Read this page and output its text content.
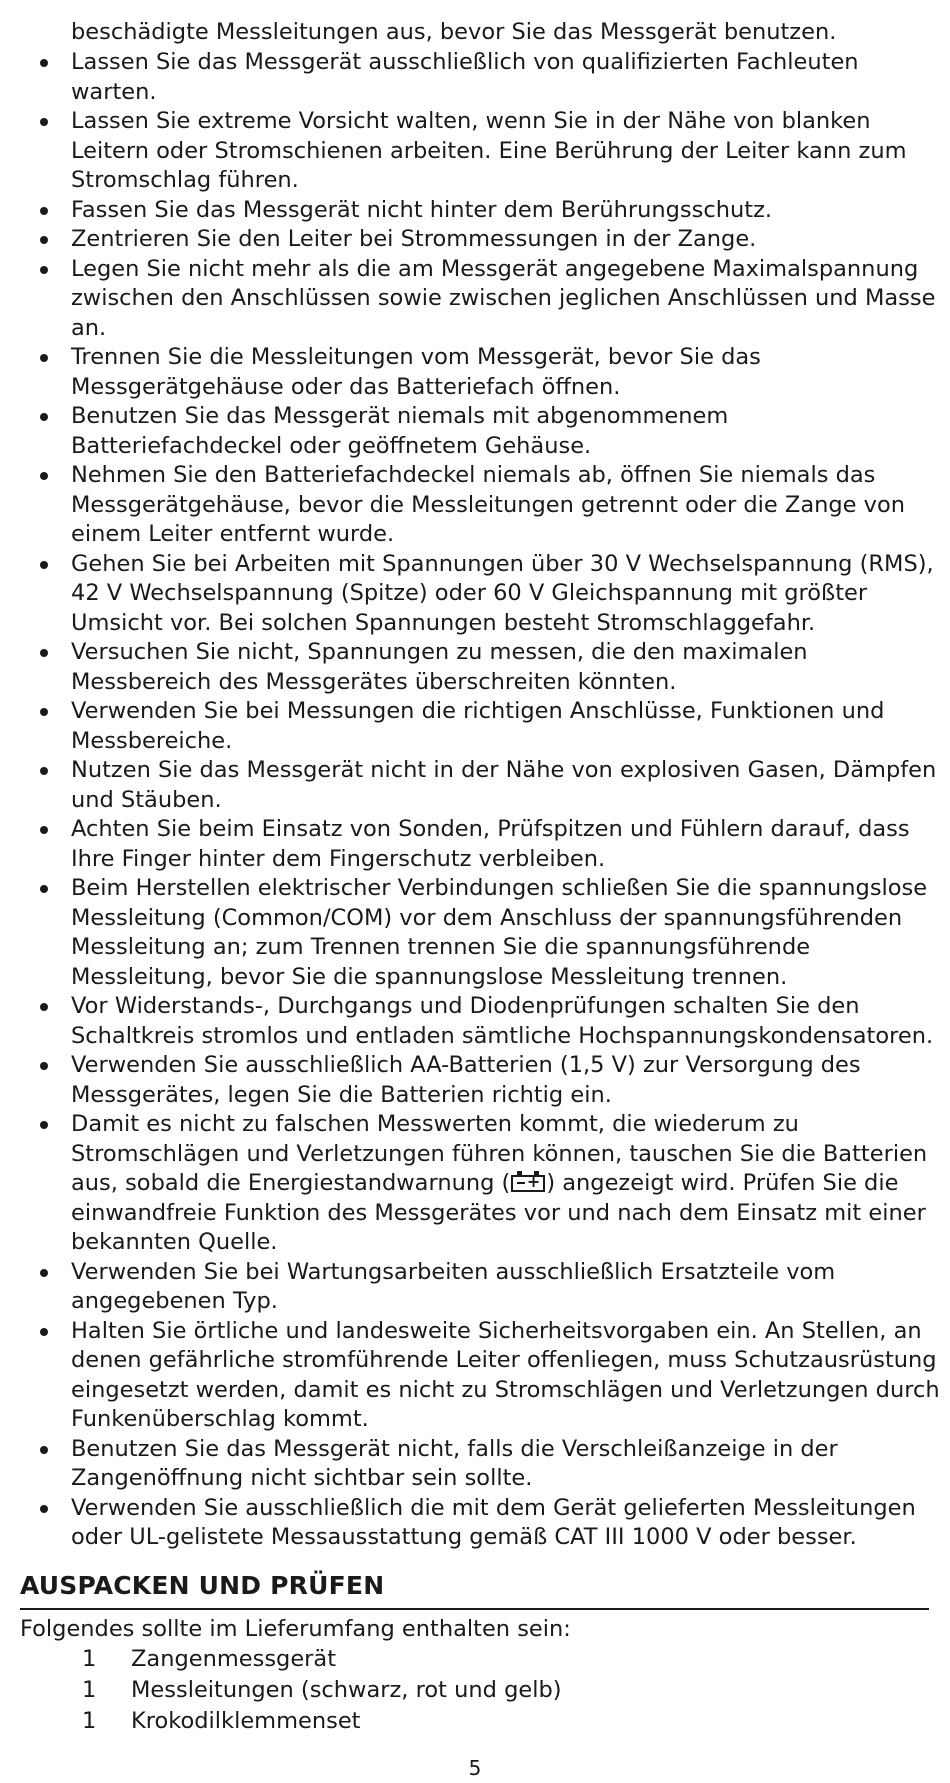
beschädigte Messleitungen aus, bevor Sie das Messgerät benutzen.
Lassen Sie das Messgerät ausschließlich von qualifizierten Fachleuten warten.
Lassen Sie extreme Vorsicht walten, wenn Sie in der Nähe von blanken Leitern oder Stromschienen arbeiten. Eine Berührung der Leiter kann zum Stromschlag führen.
Fassen Sie das Messgerät nicht hinter dem Berührungsschutz.
Zentrieren Sie den Leiter bei Strommessungen in der Zange.
Legen Sie nicht mehr als die am Messgerät angegebene Maximalspannung zwischen den Anschlüssen sowie zwischen jeglichen Anschlüssen und Masse an.
Trennen Sie die Messleitungen vom Messgerät, bevor Sie das Messgerätgehäuse oder das Batteriefach öffnen.
Benutzen Sie das Messgerät niemals mit abgenommenem Batteriefachdeckel oder geöffnetem Gehäuse.
Nehmen Sie den Batteriefachdeckel niemals ab, öffnen Sie niemals das Messgerätgehäuse, bevor die Messleitungen getrennt oder die Zange von einem Leiter entfernt wurde.
Gehen Sie bei Arbeiten mit Spannungen über 30 V Wechselspannung (RMS), 42 V Wechselspannung (Spitze) oder 60 V Gleichspannung mit größter Umsicht vor. Bei solchen Spannungen besteht Stromschlaggefahr.
Versuchen Sie nicht, Spannungen zu messen, die den maximalen Messbereich des Messgerätes überschreiten könnten.
Verwenden Sie bei Messungen die richtigen Anschlüsse, Funktionen und Messbereiche.
Nutzen Sie das Messgerät nicht in der Nähe von explosiven Gasen, Dämpfen und Stäuben.
Achten Sie beim Einsatz von Sonden, Prüfspitzen und Fühlern darauf, dass Ihre Finger hinter dem Fingerschutz verbleiben.
Beim Herstellen elektrischer Verbindungen schließen Sie die spannungslose Messleitung (Common/COM) vor dem Anschluss der spannungsführenden Messleitung an; zum Trennen trennen Sie die spannungsführende Messleitung, bevor Sie die spannungslose Messleitung trennen.
Vor Widerstands-, Durchgangs und Diodenprüfungen schalten Sie den Schaltkreis stromlos und entladen sämtliche Hochspannungskondensatoren.
Verwenden Sie ausschließlich AA-Batterien (1,5 V) zur Versorgung des Messgerätes, legen Sie die Batterien richtig ein.
Damit es nicht zu falschen Messwerten kommt, die wiederum zu Stromschlägen und Verletzungen führen können, tauschen Sie die Batterien aus, sobald die Energiestandwarnung (
+ ) angezeigt wird. Prüfen Sie die einwandfreie Funktion des Messgerätes vor und nach dem Einsatz mit einer bekannten Quelle.
Verwenden Sie bei Wartungsarbeiten ausschließlich Ersatzteile vom angegebenen Typ.
Halten Sie örtliche und landesweite Sicherheitsvorgaben ein. An Stellen, an denen gefährliche stromführende Leiter offenliegen, muss Schutzausrüstung eingesetzt werden, damit es nicht zu Stromschlägen und Verletzungen durch Funkenüberschlag kommt.
Benutzen Sie das Messgerät nicht, falls die Verschleißanzeige in der Zangenöffnung nicht sichtbar sein sollte.
Verwenden Sie ausschließlich die mit dem Gerät gelieferten Messleitungen oder UL-gelistete Messausstattung gemäß CAT III 1000 V oder besser.
AUSPACKEN UND PRÜFEN
Folgendes sollte im Lieferumfang enthalten sein:
1 Zangenmessgerät
1 Messleitungen (schwarz, rot und gelb)
1 Krokodilklemmenset
5
